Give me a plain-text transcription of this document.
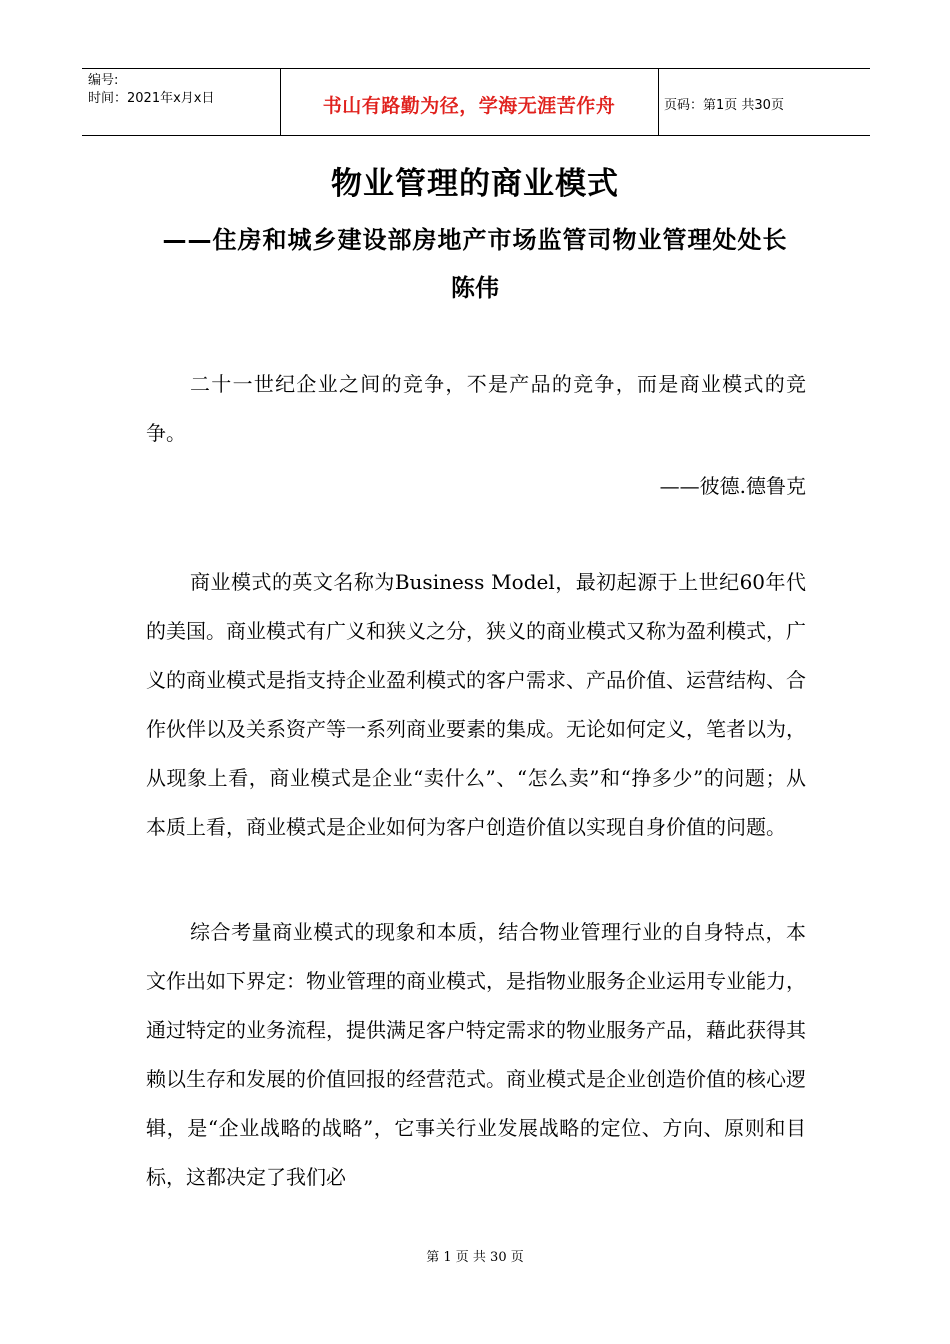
编号:
时间：2021年x月x日	书山有路勤为径，学海无涯苦作舟	页码：第1页 共30页
物业管理的商业模式
——住房和城乡建设部房地产市场监管司物业管理处处长
陈伟
二十一世纪企业之间的竞争，不是产品的竞争，而是商业模式的竞争。
——彼德.德鲁克
商业模式的英文名称为Business Model，最初起源于上世纪60年代的美国。商业模式有广义和狭义之分，狭义的商业模式又称为盈利模式，广义的商业模式是指支持企业盈利模式的客户需求、产品价值、运营结构、合作伙伴以及关系资产等一系列商业要素的集成。无论如何定义，笔者以为，从现象上看，商业模式是企业“卖什么”、“怎么卖”和“挣多少”的问题；从本质上看，商业模式是企业如何为客户创造价值以实现自身价值的问题。
综合考量商业模式的现象和本质，结合物业管理行业的自身特点，本文作出如下界定：物业管理的商业模式，是指物业服务企业运用专业能力，通过特定的业务流程，提供满足客户特定需求的物业服务产品，藉此获得其赖以生存和发展的价值回报的经营范式。商业模式是企业创造价值的核心逻辑，是“企业战略的战略”，它事关行业发展战略的定位、方向、原则和目标，这都决定了我们必
第 1 页 共 30 页
